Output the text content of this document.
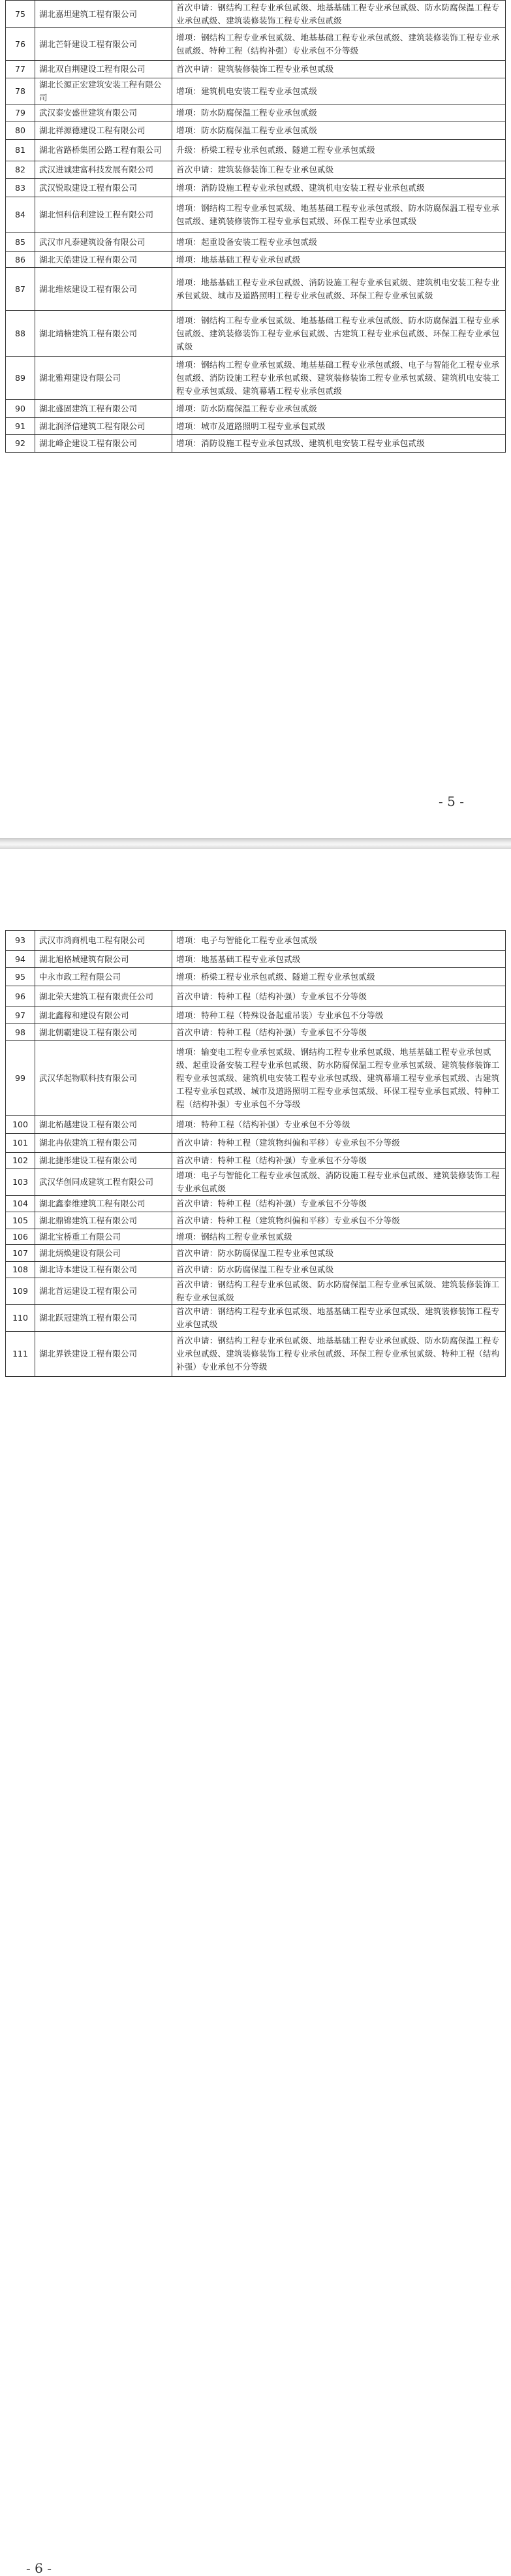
75	湖北嘉坦建筑工程有限公司	首次申请：钢结构工程专业承包贰级、地基基础工程专业承包贰级、防水防腐保温工程专业承包贰级、建筑装修装饰工程专业承包贰级
76	湖北芒轩建设工程有限公司	增项：钢结构工程专业承包贰级、地基基础工程专业承包贰级、建筑装修装饰工程专业承包贰级、特种工程（结构补强）专业承包不分等级
77	湖北双自荆建设工程有限公司	首次申请：建筑装修装饰工程专业承包贰级
78	湖北长源正宏建筑安装工程有限公司	增项：建筑机电安装工程专业承包贰级
79	武汉泰安盛世建筑有限公司	增项：防水防腐保温工程专业承包贰级
80	湖北祥源德建设工程有限公司	增项：防水防腐保温工程专业承包贰级
81	湖北省路桥集团公路工程有限公司	升级：桥梁工程专业承包贰级、隧道工程专业承包贰级
82	武汉进诚建富科技发展有限公司	首次申请：建筑装修装饰工程专业承包贰级
83	武汉锐取建设工程有限公司	增项：消防设施工程专业承包贰级、建筑机电安装工程专业承包贰级
84	湖北恒科信利建设工程有限公司	增项：钢结构工程专业承包贰级、地基基础工程专业承包贰级、防水防腐保温工程专业承包贰级、建筑装修装饰工程专业承包贰级、环保工程专业承包贰级
85	武汉市凡泰建筑设备有限公司	增项：起重设备安装工程专业承包贰级
86	湖北天皓建设工程有限公司	增项：地基基础工程专业承包贰级
87	湖北维炫建设工程有限公司	增项：地基基础工程专业承包贰级、消防设施工程专业承包贰级、建筑机电安装工程专业承包贰级、城市及道路照明工程专业承包贰级、环保工程专业承包贰级
88	湖北靖楠建筑工程有限公司	增项：钢结构工程专业承包贰级、地基基础工程专业承包贰级、防水防腐保温工程专业承包贰级、建筑装修装饰工程专业承包贰级、古建筑工程专业承包贰级、环保工程专业承包贰级
89	湖北雅翔建设有限公司	增项：钢结构工程专业承包贰级、地基基础工程专业承包贰级、电子与智能化工程专业承包贰级、消防设施工程专业承包贰级、建筑装修装饰工程专业承包贰级、建筑机电安装工程专业承包贰级、建筑幕墙工程专业承包贰级
90	湖北盛固建筑工程有限公司	增项：防水防腐保温工程专业承包贰级
91	湖北润泽信建筑工程有限公司	增项：城市及道路照明工程专业承包贰级
92	湖北峰企建设工程有限公司	增项：消防设施工程专业承包贰级、建筑机电安装工程专业承包贰级
- 5 -
93	武汉市鸿商机电工程有限公司	增项：电子与智能化工程专业承包贰级
94	湖北旭格城建筑有限公司	增项：地基基础工程专业承包贰级
95	中永市政工程有限公司	增项：桥梁工程专业承包贰级、隧道工程专业承包贰级
96	湖北荣天建筑工程有限责任公司	首次申请：特种工程（结构补强）专业承包不分等级
97	湖北鑫稼和建设有限公司	增项：特种工程（特殊设备起重吊装）专业承包不分等级
98	湖北朝霸建设工程有限公司	首次申请：特种工程（结构补强）专业承包不分等级
99	武汉华起物联科技有限公司	增项：输变电工程专业承包贰级、钢结构工程专业承包贰级、地基基础工程专业承包贰级、起重设备安装工程专业承包贰级、防水防腐保温工程专业承包贰级、建筑装修装饰工程专业承包贰级、建筑机电安装工程专业承包贰级、建筑幕墙工程专业承包贰级、古建筑工程专业承包贰级、城市及道路照明工程专业承包贰级、环保工程专业承包贰级、特种工程（结构补强）专业承包不分等级
100	湖北柘越建设工程有限公司	增项：特种工程（结构补强）专业承包不分等级
101	湖北冉依建筑工程有限公司	首次申请：特种工程（建筑物纠偏和平移）专业承包不分等级
102	湖北捷彤建设工程有限公司	首次申请：特种工程（结构补强）专业承包不分等级
103	武汉华创同成建筑工程有限公司	增项：电子与智能化工程专业承包贰级、消防设施工程专业承包贰级、建筑装修装饰工程专业承包贰级
104	湖北鑫泰维建筑工程有限公司	首次申请：特种工程（结构补强）专业承包不分等级
105	湖北鼎锦建筑工程有限公司	首次申请：特种工程（建筑物纠偏和平移）专业承包不分等级
106	湖北宝桥重工有限公司	增项：钢结构工程专业承包贰级
107	湖北炳焕建设有限公司	首次申请：防水防腐保温工程专业承包贰级
108	湖北诗本建设工程有限公司	首次申请：防水防腐保温工程专业承包贰级
109	湖北首运建设工程有限公司	首次申请：钢结构工程专业承包贰级、防水防腐保温工程专业承包贰级、建筑装修装饰工程专业承包贰级
110	湖北跃冠建筑工程有限公司	首次申请：钢结构工程专业承包贰级、地基基础工程专业承包贰级、建筑装修装饰工程专业承包贰级
111	湖北界铁建设工程有限公司	首次申请：钢结构工程专业承包贰级、地基基础工程专业承包贰级、防水防腐保温工程专业承包贰级、建筑装修装饰工程专业承包贰级、环保工程专业承包贰级、特种工程（结构补强）专业承包不分等级
- 6 -
